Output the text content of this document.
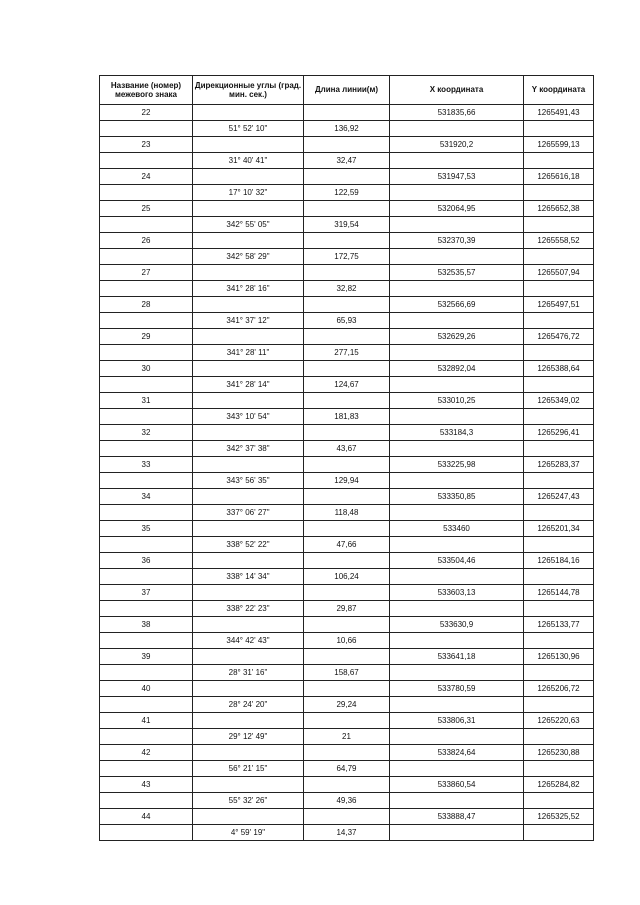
Название (номер) межевого знака	Дирекционные углы (град. мин. сек.)	Длина линии(м)	X координата	Y координата
22			531835,66	1265491,43
	51° 52' 10"	136,92		
23			531920,2	1265599,13
	31° 40' 41"	32,47		
24			531947,53	1265616,18
	17° 10' 32"	122,59		
25			532064,95	1265652,38
	342° 55' 05"	319,54		
26			532370,39	1265558,52
	342° 58' 29"	172,75		
27			532535,57	1265507,94
	341° 28' 16"	32,82		
28			532566,69	1265497,51
	341° 37' 12"	65,93		
29			532629,26	1265476,72
	341° 28' 11"	277,15		
30			532892,04	1265388,64
	341° 28' 14"	124,67		
31			533010,25	1265349,02
	343° 10' 54"	181,83		
32			533184,3	1265296,41
	342° 37' 38"	43,67		
33			533225,98	1265283,37
	343° 56' 35"	129,94		
34			533350,85	1265247,43
	337° 06' 27"	118,48		
35			533460	1265201,34
	338° 52' 22"	47,66		
36			533504,46	1265184,16
	338° 14' 34"	106,24		
37			533603,13	1265144,78
	338° 22' 23"	29,87		
38			533630,9	1265133,77
	344° 42' 43"	10,66		
39			533641,18	1265130,96
	28° 31' 16"	158,67		
40			533780,59	1265206,72
	28° 24' 20"	29,24		
41			533806,31	1265220,63
	29° 12' 49"	21		
42			533824,64	1265230,88
	56° 21' 15"	64,79		
43			533860,54	1265284,82
	55° 32' 26"	49,36		
44			533888,47	1265325,52
	4° 59' 19"	14,37		
